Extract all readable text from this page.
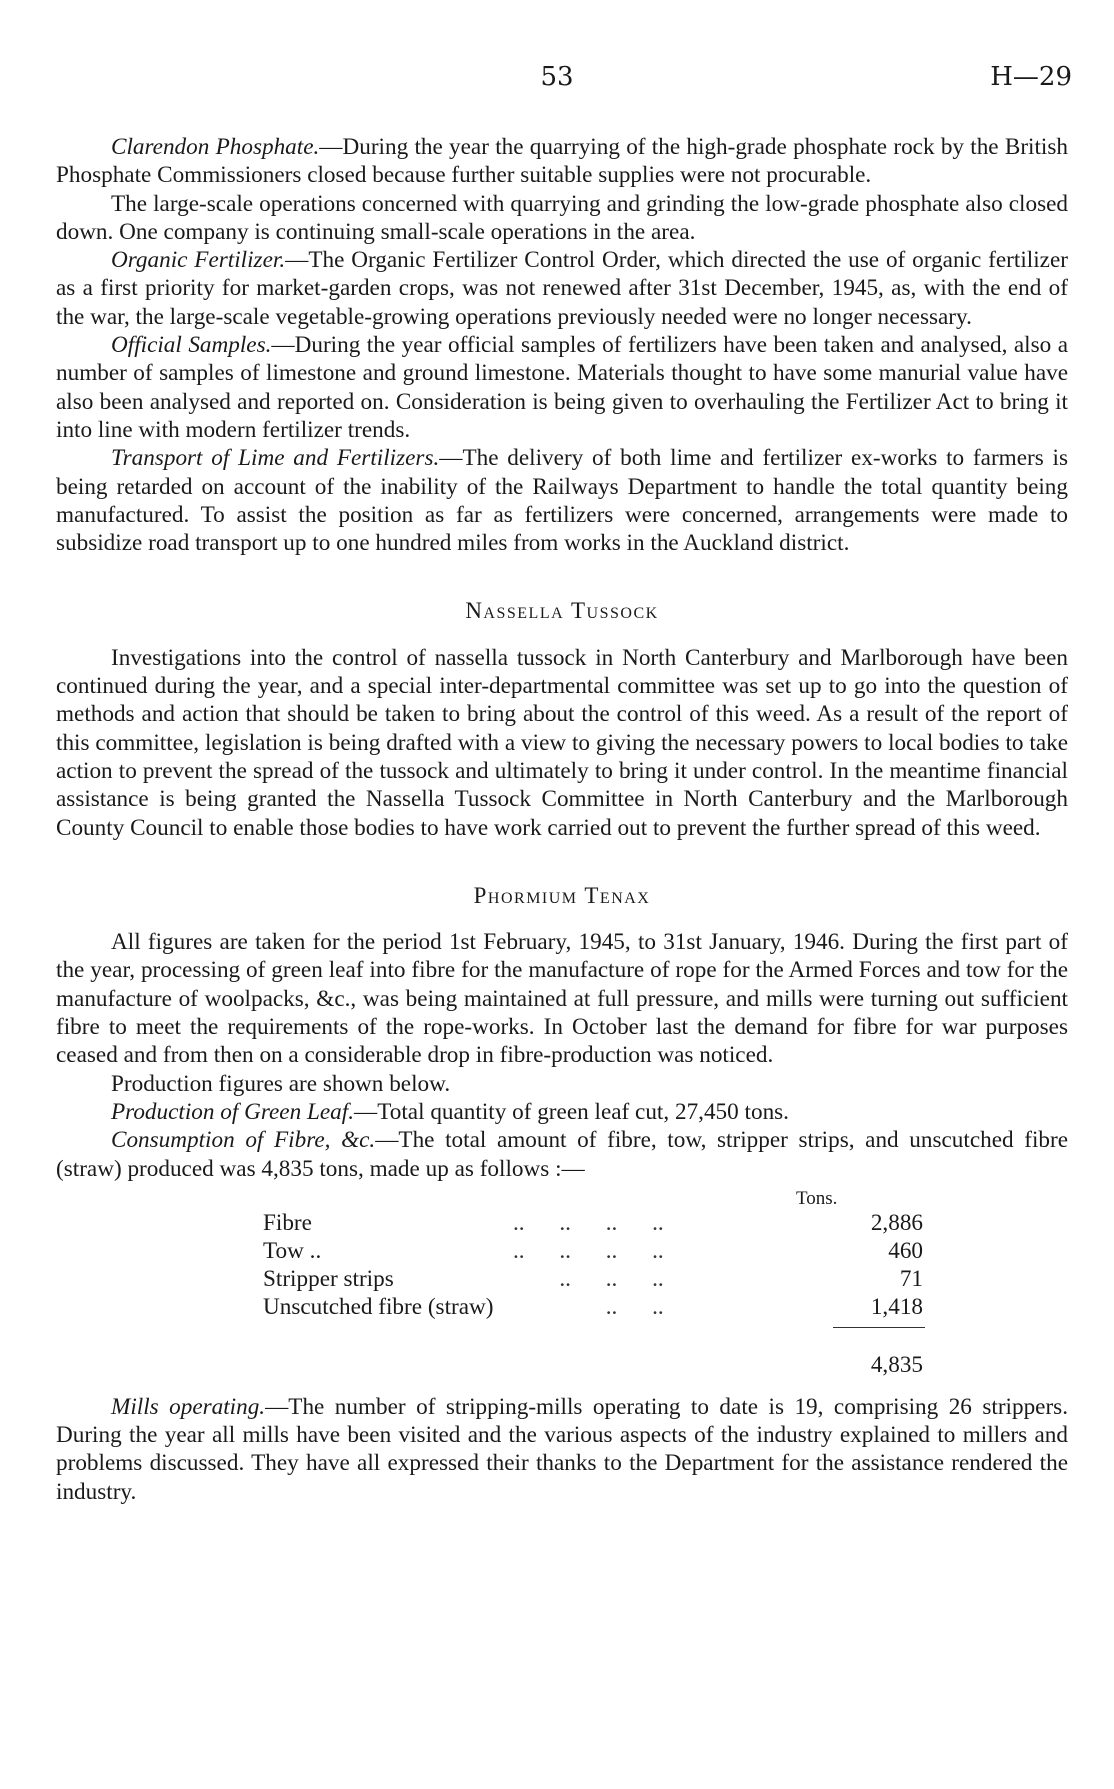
53	H—29

Clarendon Phosphate.—During the year the quarrying of the high-grade phosphate rock by the British Phosphate Commissioners closed because further suitable supplies were not procurable.

The large-scale operations concerned with quarrying and grinding the low-grade phosphate also closed down. One company is continuing small-scale operations in the area.

Organic Fertilizer.—The Organic Fertilizer Control Order, which directed the use of organic fertilizer as a first priority for market-garden crops, was not renewed after 31st December, 1945, as, with the end of the war, the large-scale vegetable-growing operations previously needed were no longer necessary.

Official Samples.—During the year official samples of fertilizers have been taken and analysed, also a number of samples of limestone and ground limestone. Materials thought to have some manurial value have also been analysed and reported on. Consideration is being given to overhauling the Fertilizer Act to bring it into line with modern fertilizer trends.

Transport of Lime and Fertilizers.—The delivery of both lime and fertilizer ex-works to farmers is being retarded on account of the inability of the Railways Department to handle the total quantity being manufactured. To assist the position as far as fertilizers were concerned, arrangements were made to subsidize road transport up to one hundred miles from works in the Auckland district.

Nassella Tussock

Investigations into the control of nassella tussock in North Canterbury and Marlborough have been continued during the year, and a special inter-departmental committee was set up to go into the question of methods and action that should be taken to bring about the control of this weed. As a result of the report of this committee, legislation is being drafted with a view to giving the necessary powers to local bodies to take action to prevent the spread of the tussock and ultimately to bring it under control. In the meantime financial assistance is being granted the Nassella Tussock Committee in North Canterbury and the Marlborough County Council to enable those bodies to have work carried out to prevent the further spread of this weed.

Phormium Tenax

All figures are taken for the period 1st February, 1945, to 31st January, 1946. During the first part of the year, processing of green leaf into fibre for the manufacture of rope for the Armed Forces and tow for the manufacture of woolpacks, &c., was being maintained at full pressure, and mills were turning out sufficient fibre to meet the requirements of the rope-works. In October last the demand for fibre for war purposes ceased and from then on a considerable drop in fibre-production was noticed.

Production figures are shown below.

Production of Green Leaf.—Total quantity of green leaf cut, 27,450 tons.

Consumption of Fibre, &c.—The total amount of fibre, tow, stripper strips, and unscutched fibre (straw) produced was 4,835 tons, made up as follows :—

Tons.
Fibre	..      ..      ..      ..	2,886
Tow ..	..      ..      ..      ..	460
Stripper strips	..      ..      ..	71
Unscutched fibre (straw) ..      ..	1,418
4,835

Mills operating.—The number of stripping-mills operating to date is 19, comprising 26 strippers. During the year all mills have been visited and the various aspects of the industry explained to millers and problems discussed. They have all expressed their thanks to the Department for the assistance rendered the industry.
